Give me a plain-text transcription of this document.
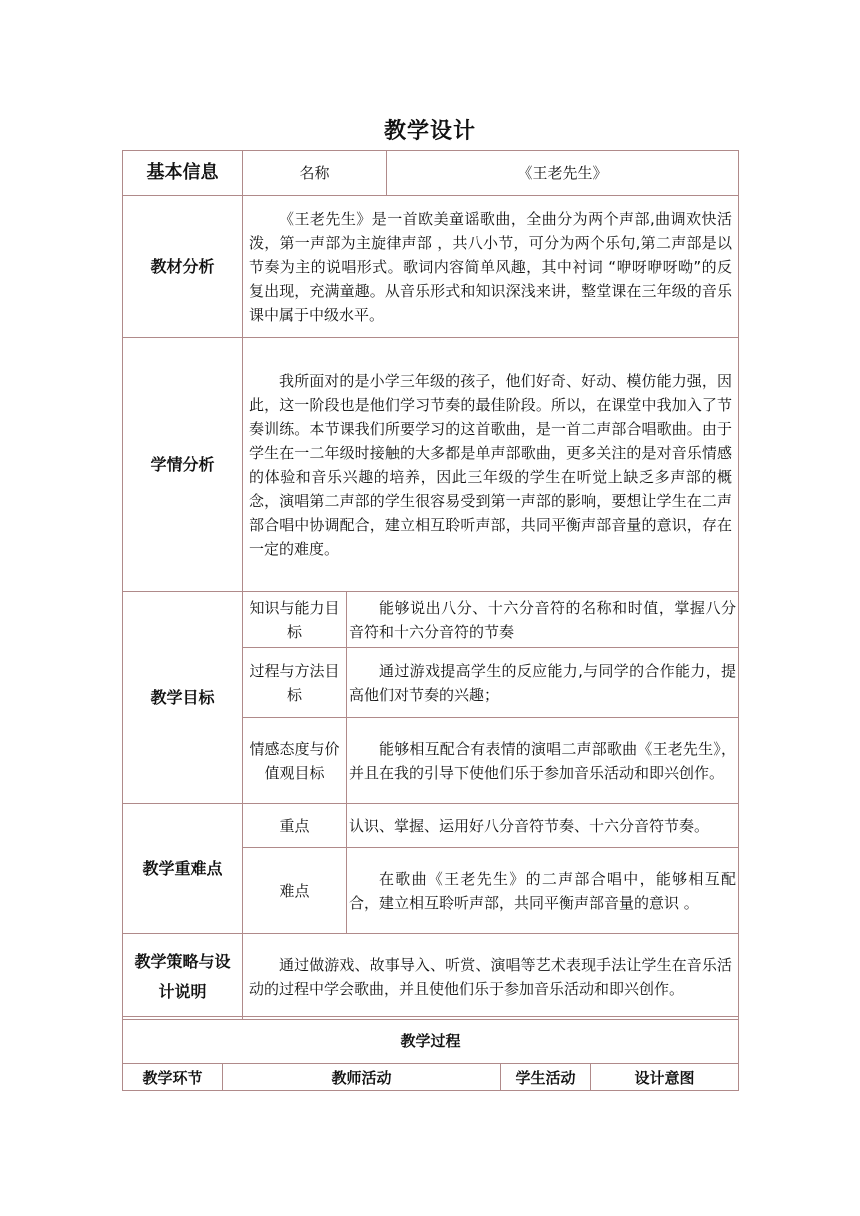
教学设计
基本信息	名称		《王老先生》
教材分析	《王老先生》是一首欧美童谣歌曲，全曲分为两个声部,曲调欢快活泼，第一声部为主旋律声部 ，共八小节，可分为两个乐句,第二声部是以节奏为主的说唱形式。歌词内容简单风趣，其中衬词 “咿呀咿呀呦”的反复出现，充满童趣。从音乐形式和知识深浅来讲，整堂课在三年级的音乐课中属于中级水平。		
学情分析	我所面对的是小学三年级的孩子，他们好奇、好动、模仿能力强，因此，这一阶段也是他们学习节奏的最佳阶段。所以，在课堂中我加入了节奏训练。本节课我们所要学习的这首歌曲，是一首二声部合唱歌曲。由于学生在一二年级时接触的大多都是单声部歌曲，更多关注的是对音乐情感的体验和音乐兴趣的培养，因此三年级的学生在听觉上缺乏多声部的概念，演唱第二声部的学生很容易受到第一声部的影响，要想让学生在二声部合唱中协调配合，建立相互聆听声部，共同平衡声部音量的意识，存在一定的难度。		
教学目标	知识与能力目标	能够说出八分、十六分音符的名称和时值，掌握八分音符和十六分音符的节奏	
	过程与方法目标	通过游戏提高学生的反应能力,与同学的合作能力，提高他们对节奏的兴趣；	
	情感态度与价值观目标	能够相互配合有表情的演唱二声部歌曲《王老先生》，并且在我的引导下使他们乐于参加音乐活动和即兴创作。	
教学重难点	重点	认识、掌握、运用好八分音符节奏、十六分音符节奏。	
	难点	在歌曲《王老先生》的二声部合唱中，能够相互配合，建立相互聆听声部，共同平衡声部音量的意识 。	
教学策略与设计说明	通过做游戏、故事导入、听赏、演唱等艺术表现手法让学生在音乐活动的过程中学会歌曲，并且使他们乐于参加音乐活动和即兴创作。		
教学过程
教学环节	教师活动	学生活动	设计意图
